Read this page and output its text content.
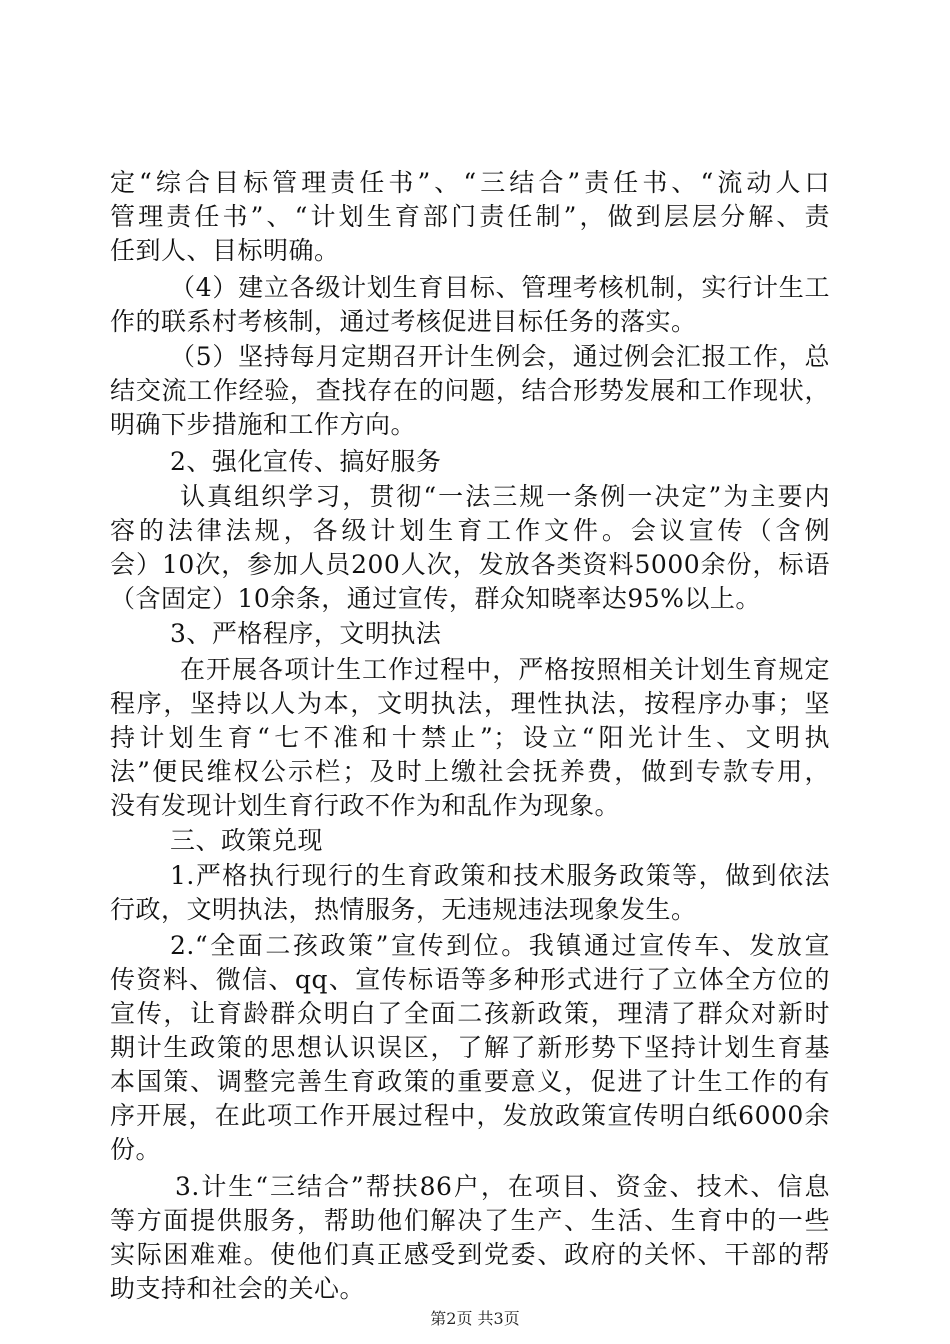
定“综合目标管理责任书”、“三结合”责任书、“流动人口
管理责任书”、“计划生育部门责任制”，做到层层分解、责
任到人、目标明确。
（4）建立各级计划生育目标、管理考核机制，实行计生工
作的联系村考核制，通过考核促进目标任务的落实。
（5）坚持每月定期召开计生例会，通过例会汇报工作，总
结交流工作经验，查找存在的问题，结合形势发展和工作现状，
明确下步措施和工作方向。
2、强化宣传、搞好服务
认真组织学习，贯彻“一法三规一条例一决定”为主要内
容的法律法规，各级计划生育工作文件。会议宣传（含例
会）10次，参加人员200人次，发放各类资料5000余份，标语
（含固定）10余条，通过宣传，群众知晓率达95%以上。
3、严格程序，文明执法
在开展各项计生工作过程中，严格按照相关计划生育规定
程序，坚持以人为本，文明执法，理性执法，按程序办事；坚
持计划生育“七不准和十禁止”；设立“阳光计生、文明执
法”便民维权公示栏；及时上缴社会抚养费，做到专款专用，
没有发现计划生育行政不作为和乱作为现象。
三、政策兑现
1.严格执行现行的生育政策和技术服务政策等，做到依法
行政，文明执法，热情服务，无违规违法现象发生。
2.“全面二孩政策”宣传到位。我镇通过宣传车、发放宣
传资料、微信、qq、宣传标语等多种形式进行了立体全方位的
宣传，让育龄群众明白了全面二孩新政策，理清了群众对新时
期计生政策的思想认识误区，了解了新形势下坚持计划生育基
本国策、调整完善生育政策的重要意义，促进了计生工作的有
序开展，在此项工作开展过程中，发放政策宣传明白纸6000余
份。
3.计生“三结合”帮扶86户，在项目、资金、技术、信息
等方面提供服务，帮助他们解决了生产、生活、生育中的一些
实际困难难。使他们真正感受到党委、政府的关怀、干部的帮
助支持和社会的关心。
第2页 共3页
